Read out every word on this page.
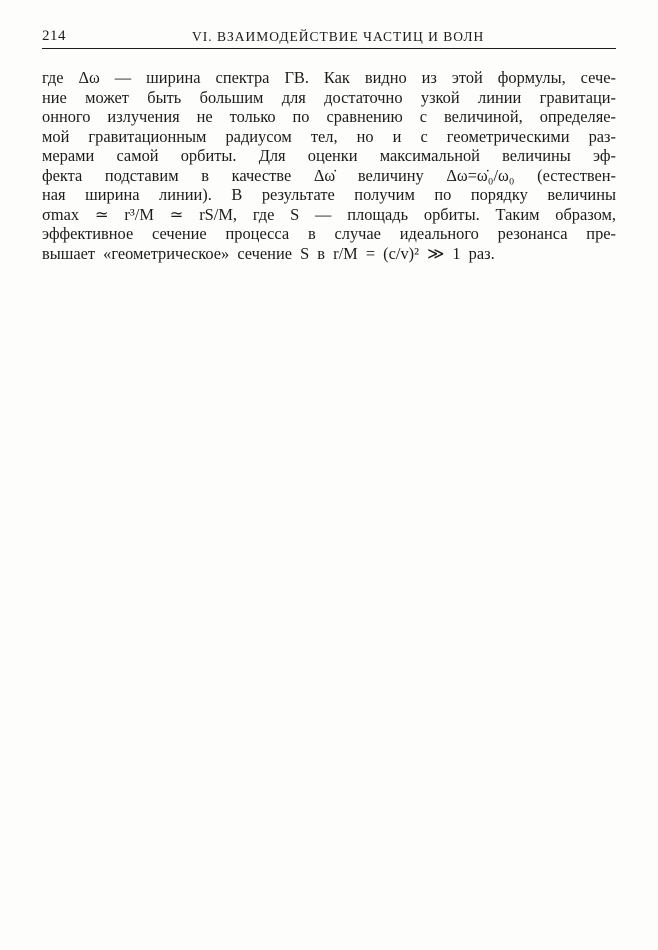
214	VI. ВЗАИМОДЕЙСТВИЕ ЧАСТИЦ И ВОЛН
где Δω — ширина спектра ГВ. Как видно из этой формулы, сече-
ние может быть большим для достаточно узкой линии гравитаци-
онного излучения не только по сравнению с величиной, определяе-
мой гравитационным радиусом тел, но и с геометрическими раз-
мерами самой орбиты. Для оценки максимальной величины эф-
фекта подставим в качестве Δω̇ величину Δω=ω̇₀/ω₀ (естествен-
ная ширина линии). В результате получим по порядку величины
σmax ≃ r³/M ≃ rS/M, где S — площадь орбиты. Таким образом,
эффективное сечение процесса в случае идеального резонанса пре-
вышает «геометрическое» сечение S в r/M = (c/v)² ≫ 1 раз.
